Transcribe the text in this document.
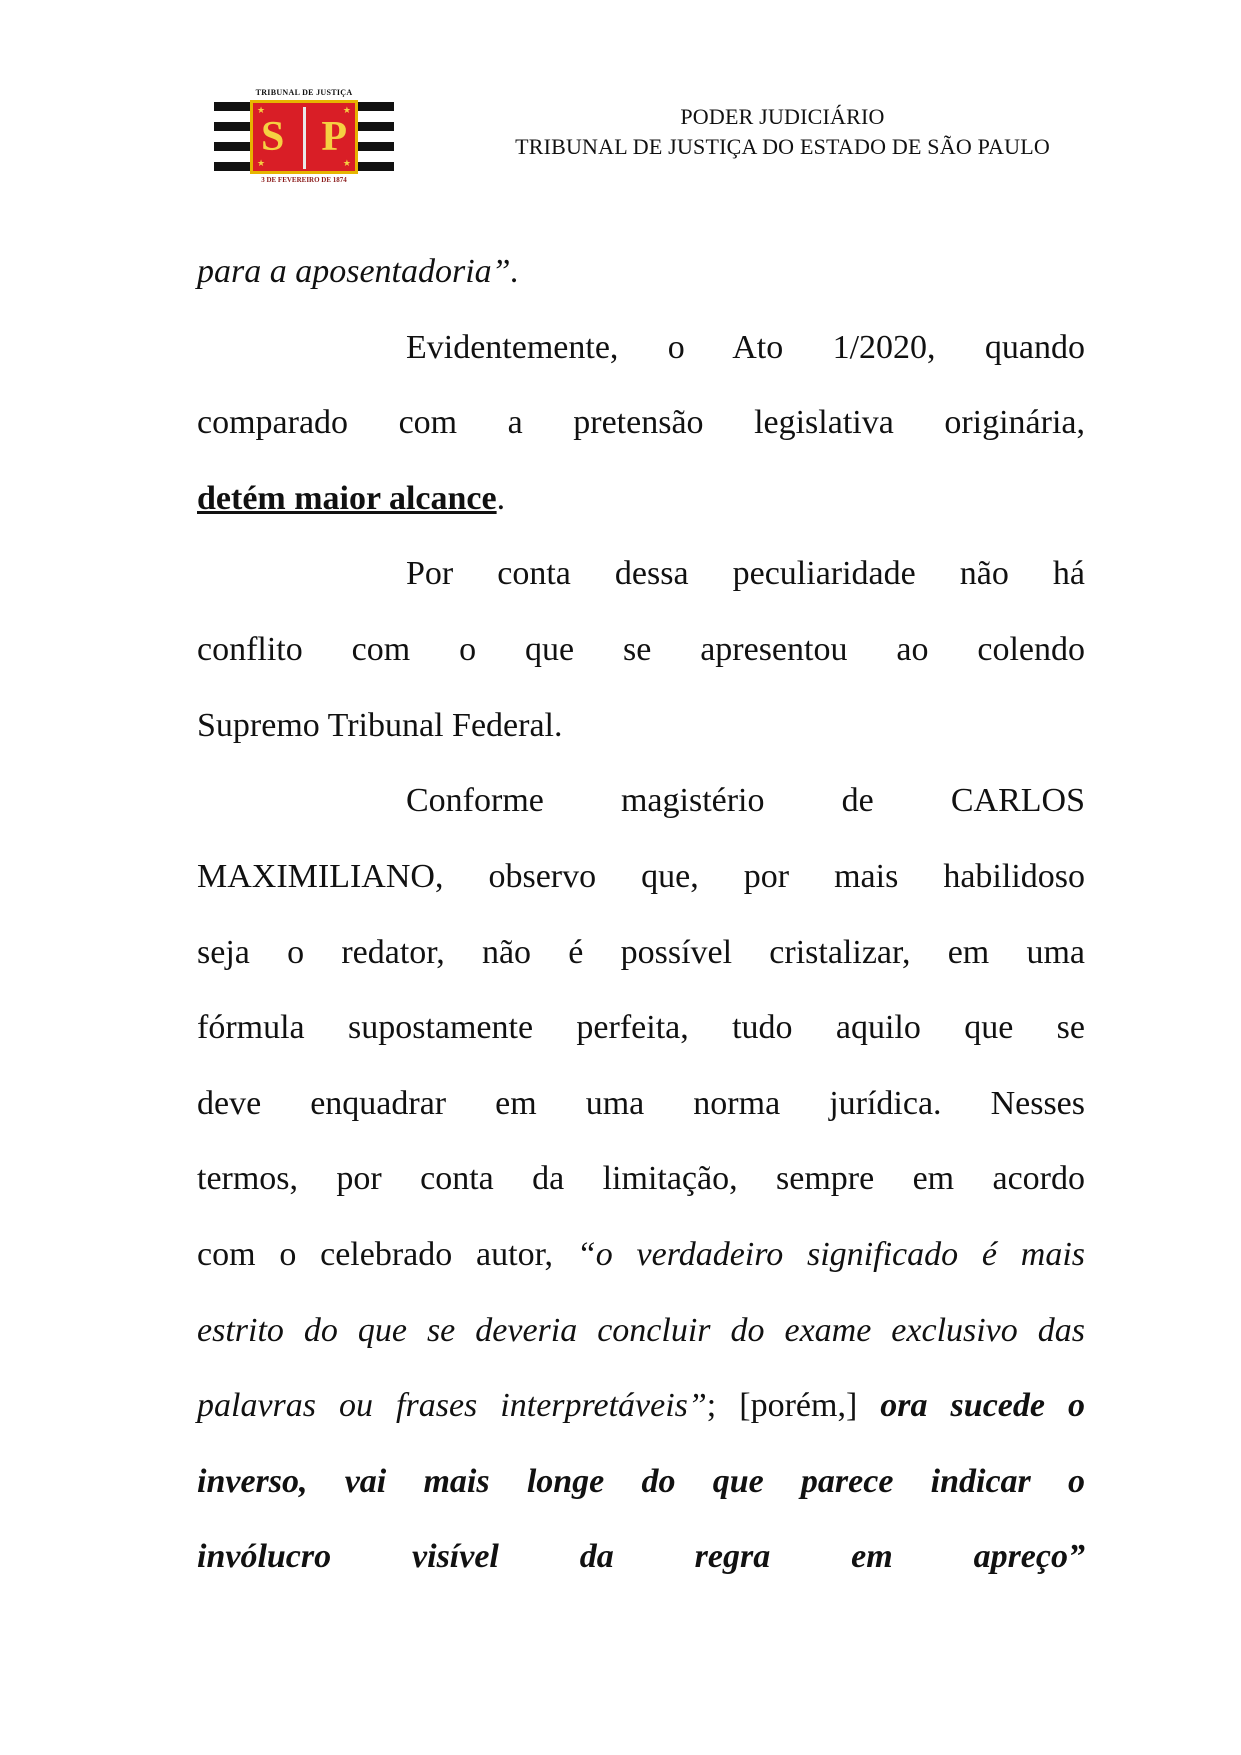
TRIBUNAL DE JUSTIÇA
★	★
★	★
S P
3 DE FEVEREIRO DE 1874
PODER JUDICIÁRIO
TRIBUNAL DE JUSTIÇA DO ESTADO DE SÃO PAULO
para a aposentadoria”.
Evidentemente, o Ato 1/2020, quando
comparado com a pretensão legislativa originária,
detém maior alcance.
Por conta dessa peculiaridade não há
conflito com o que se apresentou ao colendo
Supremo Tribunal Federal.
Conforme magistério de CARLOS
MAXIMILIANO, observo que, por mais habilidoso
seja o redator, não é possível cristalizar, em uma
fórmula supostamente perfeita, tudo aquilo que se
deve enquadrar em uma norma jurídica. Nesses
termos, por conta da limitação, sempre em acordo
com o celebrado autor, “o verdadeiro significado é mais
estrito do que se deveria concluir do exame exclusivo das
palavras ou frases interpretáveis”; [porém,] ora sucede o
inverso, vai mais longe do que parece indicar o
invólucro visível da regra em apreço”
